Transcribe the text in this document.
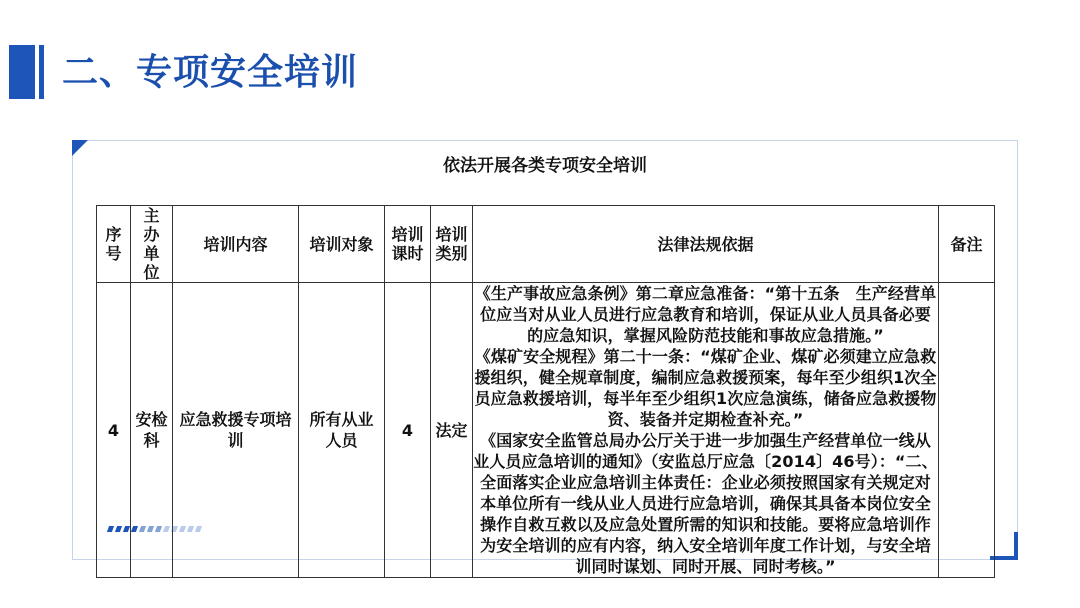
二、专项安全培训
依法开展各类专项安全培训
序号	主办单位	培训内容	培训对象	培训课时	培训类别	法律法规依据	备注
4	安检科	应急救援专项培训	所有从业人员	4	法定	《生产事故应急条例》第二章应急准备：“第十五条　生产经营单位应当对从业人员进行应急教育和培训，保证从业人员具备必要的应急知识，掌握风险防范技能和事故应急措施。”

《煤矿安全规程》第二十一条：“煤矿企业、煤矿必须建立应急救援组织，健全规章制度，编制应急救援预案，每年至少组织1次全员应急救援培训，每半年至少组织1次应急演练，储备应急救援物资、装备并定期检查补充。”

《国家安全监管总局办公厅关于进一步加强生产经营单位一线从业人员应急培训的通知》（安监总厅应急〔2014〕46号）：“二、全面落实企业应急培训主体责任：企业必须按照国家有关规定对本单位所有一线从业人员进行应急培训，确保其具备本岗位安全操作自救互救以及应急处置所需的知识和技能。要将应急培训作为安全培训的应有内容，纳入安全培训年度工作计划，与安全培训同时谋划、同时开展、同时考核。”	
